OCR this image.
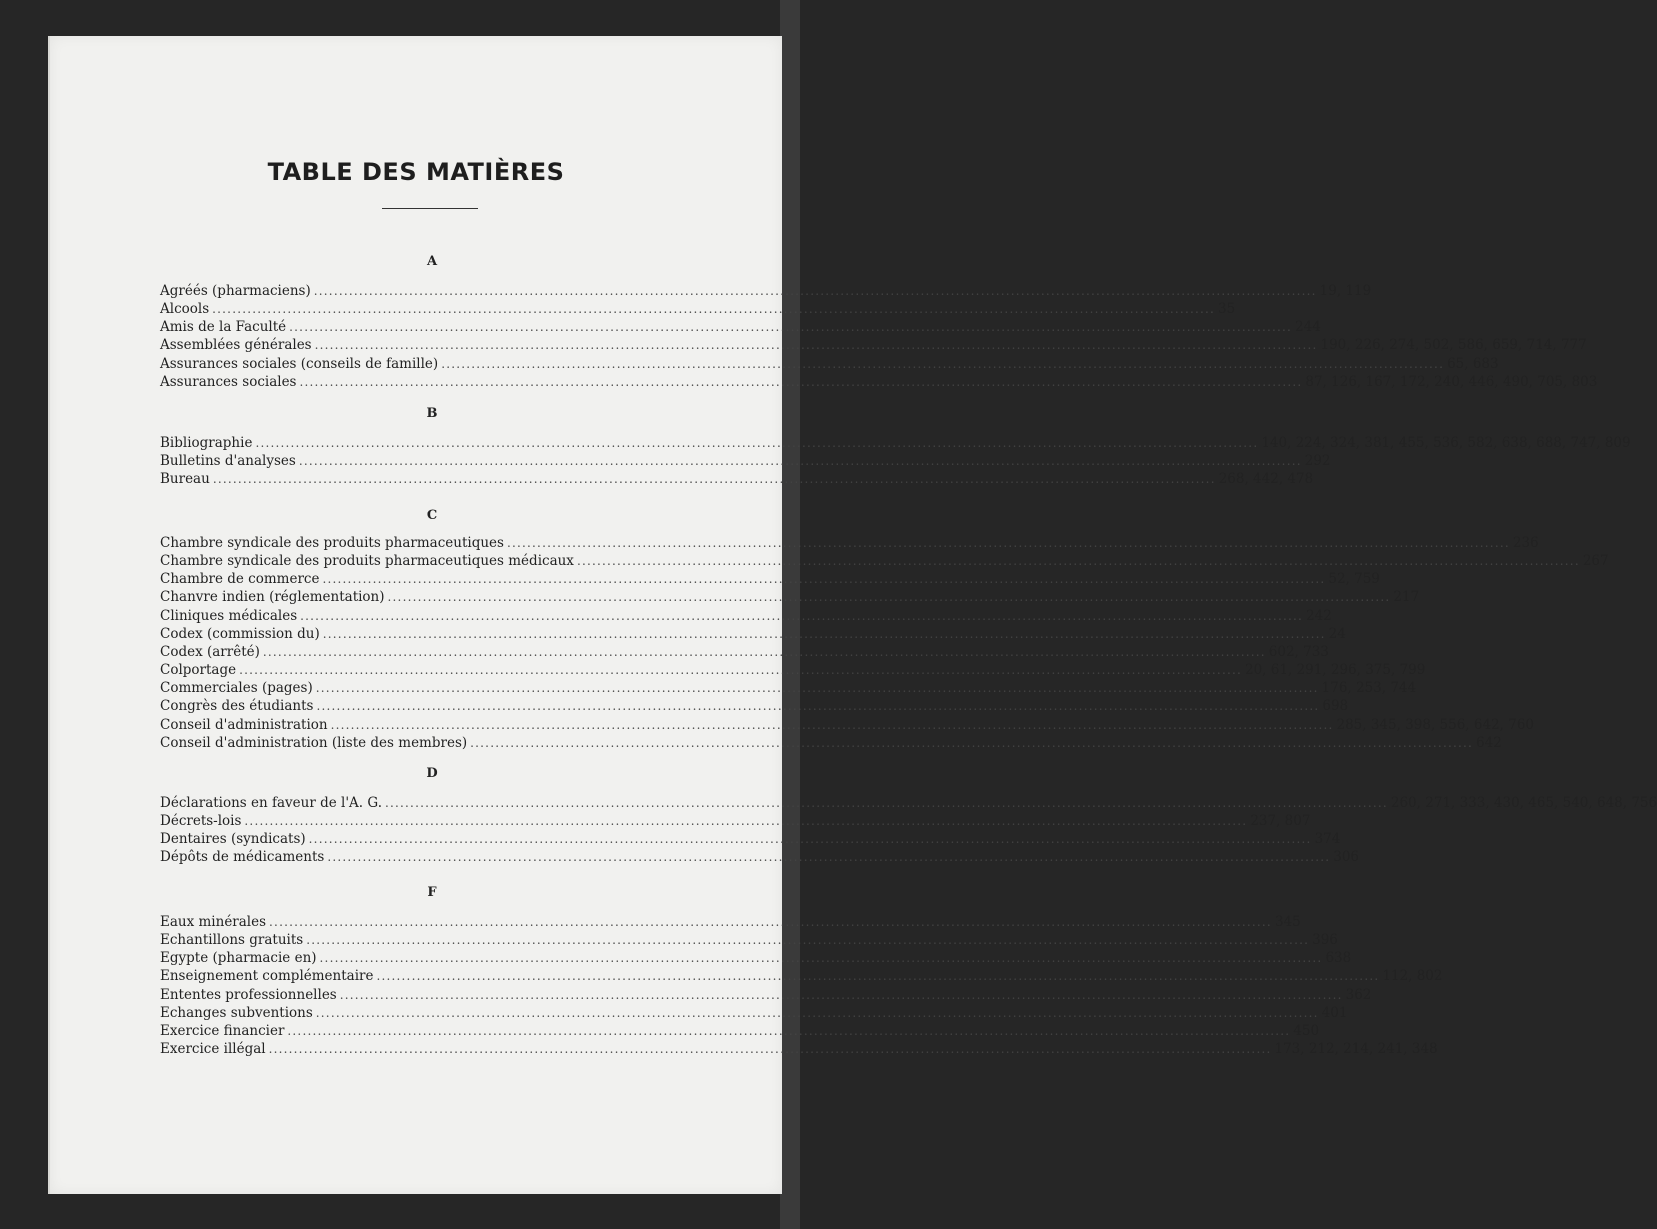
TABLE DES MATIÈRES
A
Agréés (pharmaciens) ........................................................................................................................................................................................................ 19, 119
Alcools ........................................................................................................................................................................................................ 35
Amis de la Faculté ........................................................................................................................................................................................................ 244
Assemblées générales ........................................................................................................................................................................................................ 190, 226, 274, 502, 586, 659, 714, 777
Assurances sociales (conseils de famille) ........................................................................................................................................................................................................ 65, 683
Assurances sociales ........................................................................................................................................................................................................ 87, 126, 167, 172, 240, 446, 490, 705, 803
B
Bibliographie ........................................................................................................................................................................................................ 140, 224, 324, 381, 455, 536, 582, 638, 688, 747, 809
Bulletins d'analyses ........................................................................................................................................................................................................ 292
Bureau ........................................................................................................................................................................................................ 268, 442, 478
C
Chambre syndicale des produits pharmaceutiques ........................................................................................................................................................................................................ 236
Chambre syndicale des produits pharmaceutiques médicaux ........................................................................................................................................................................................................ 267
Chambre de commerce ........................................................................................................................................................................................................ 52, 759
Chanvre indien (réglementation) ........................................................................................................................................................................................................ 217
Cliniques médicales ........................................................................................................................................................................................................ 242
Codex (commission du) ........................................................................................................................................................................................................ 24
Codex (arrêté) ........................................................................................................................................................................................................ 602, 733
Colportage ........................................................................................................................................................................................................ 20, 61, 291, 296, 375, 799
Commerciales (pages) ........................................................................................................................................................................................................ 176, 253, 744
Congrès des étudiants ........................................................................................................................................................................................................ 698
Conseil d'administration ........................................................................................................................................................................................................ 285, 345, 398, 556, 642, 760
Conseil d'administration (liste des membres) ........................................................................................................................................................................................................ 642
D
Déclarations en faveur de l'A. G. ........................................................................................................................................................................................................ 260, 271, 333, 430, 465, 540, 648, 756
Décrets-lois ........................................................................................................................................................................................................ 237, 807
Dentaires (syndicats) ........................................................................................................................................................................................................ 374
Dépôts de médicaments ........................................................................................................................................................................................................ 306
F
Eaux minérales ........................................................................................................................................................................................................ 345
Echantillons gratuits ........................................................................................................................................................................................................ 396
Egypte (pharmacie en) ........................................................................................................................................................................................................ 638
Enseignement complémentaire ........................................................................................................................................................................................................ 112, 802
Ententes professionnelles ........................................................................................................................................................................................................ 362
Echanges subventions ........................................................................................................................................................................................................ 401
Exercice financier ........................................................................................................................................................................................................ 450
Exercice illégal ........................................................................................................................................................................................................ 173, 212, 214, 241, 348
